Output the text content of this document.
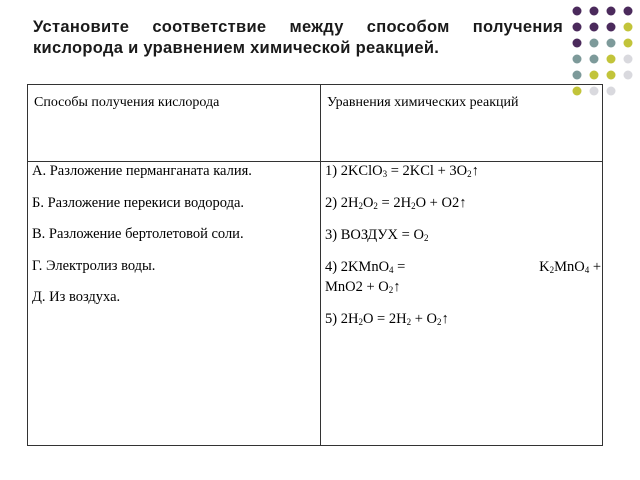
Установите соответствие между способом получения кислорода и уравнением химической реакцией.
Способы получения кислорода	Уравнения химических реакций
А. Разложение перманганата калия.
Б. Разложение перекиси водорода.
В. Разложение бертолетовой соли.
Г. Электролиз воды.
Д. Из воздуха.
1) 2KClO$_3$ = $2KCl + 3O_2↑$
2) $2H_2O_2 = 2H_2O$ + O2↑
3) ВОЗДУХ = $O_2$
4) 2KMnO$_4$ =	$K_2MnO_4$ +
$MnO2 + O_2↑$
5) $2H_2O = 2H_2$ + $O_2↑$
